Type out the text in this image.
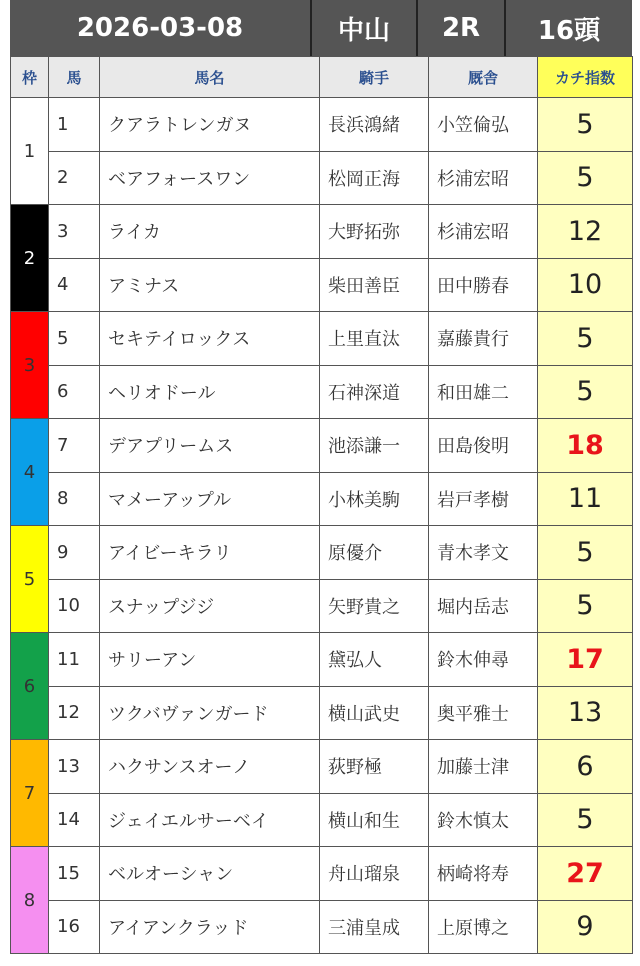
2026-03-08	中山	2R	16頭
枠	馬	馬名	騎手	厩舎	カチ指数
1	1	クアラトレンガヌ	長浜鴻緒	小笠倫弘	5
	2	ベアフォースワン	松岡正海	杉浦宏昭	5
2	3	ライカ	大野拓弥	杉浦宏昭	12
	4	アミナス	柴田善臣	田中勝春	10
3	5	セキテイロックス	上里直汰	嘉藤貴行	5
	6	ヘリオドール	石神深道	和田雄二	5
4	7	デアプリームス	池添謙一	田島俊明	18
	8	マメーアップル	小林美駒	岩戸孝樹	11
5	9	アイビーキラリ	原優介	青木孝文	5
	10	スナップジジ	矢野貴之	堀内岳志	5
6	11	サリーアン	黛弘人	鈴木伸尋	17
	12	ツクバヴァンガード	横山武史	奥平雅士	13
7	13	ハクサンスオーノ	荻野極	加藤士津	6
	14	ジェイエルサーベイ	横山和生	鈴木慎太	5
8	15	ベルオーシャン	舟山瑠泉	柄崎将寿	27
	16	アイアンクラッド	三浦皇成	上原博之	9
